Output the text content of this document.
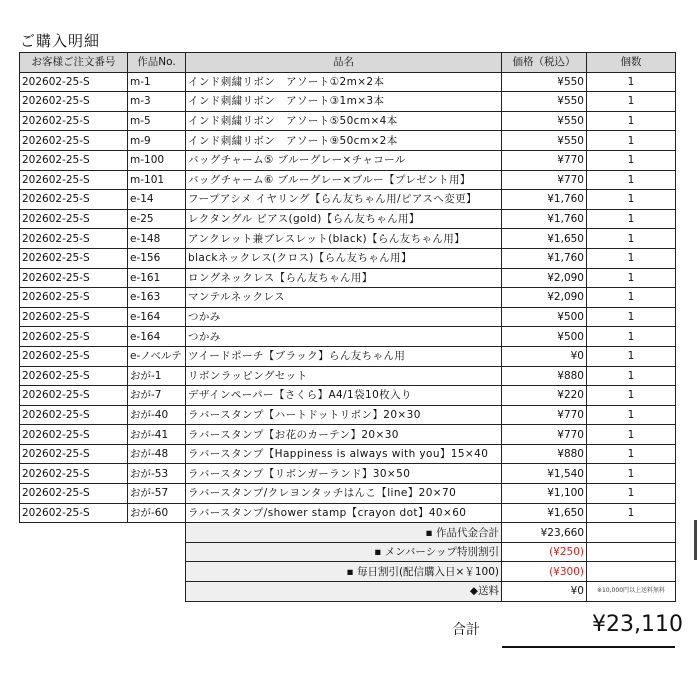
ご購入明細
お客様ご注文番号	作品No.	品名	価格（税込）	個数
202602-25-S	m-1	インド刺繍リボン　アソート①2m×2本	¥550	1
202602-25-S	m-3	インド刺繍リボン　アソート③1m×3本	¥550	1
202602-25-S	m-5	インド刺繍リボン　アソート⑤50cm×4本	¥550	1
202602-25-S	m-9	インド刺繍リボン　アソート⑨50cm×2本	¥550	1
202602-25-S	m-100	バッグチャーム⑤ ブルーグレー×チャコール	¥770	1
202602-25-S	m-101	バッグチャーム⑥ ブルーグレー×ブルー【プレゼント用】	¥770	1
202602-25-S	e-14	フープアシメ イヤリング【らん友ちゃん用/ピアスへ変更】	¥1,760	1
202602-25-S	e-25	レクタングル ピアス(gold)【らん友ちゃん用】	¥1,760	1
202602-25-S	e-148	アンクレット兼ブレスレット(black)【らん友ちゃん用】	¥1,650	1
202602-25-S	e-156	blackネックレス(クロス)【らん友ちゃん用】	¥1,760	1
202602-25-S	e-161	ロングネックレス【らん友ちゃん用】	¥2,090	1
202602-25-S	e-163	マンテルネックレス	¥2,090	1
202602-25-S	e-164	つかみ	¥500	1
202602-25-S	e-164	つかみ	¥500	1
202602-25-S	e-ノベルテ	ツイードポーチ【ブラック】らん友ちゃん用	¥0	1
202602-25-S	おが-1	リボンラッピングセット	¥880	1
202602-25-S	おが-7	デザインペーパー【さくら】A4/1袋10枚入り	¥220	1
202602-25-S	おが-40	ラバースタンプ【ハートドットリボン】20×30	¥770	1
202602-25-S	おが-41	ラバースタンプ【お花のカーテン】20×30	¥770	1
202602-25-S	おが-48	ラバースタンプ【Happiness is always with you】15×40	¥880	1
202602-25-S	おが-53	ラバースタンプ【リボンガーランド】30×50	¥1,540	1
202602-25-S	おが-57	ラバースタンプ/クレヨンタッチはんこ【line】20×70	¥1,100	1
202602-25-S	おが-60	ラバースタンプ/shower stamp【crayon dot】40×60	¥1,650	1
		▪ 作品代金合計	¥23,660	
		▪ メンバーシップ特別割引	(¥250)	
		▪ 毎日割引(配信購入日×￥100)	(¥300)	
		◆送料	¥0	※10,000円以上送料無料
合計	¥23,110
